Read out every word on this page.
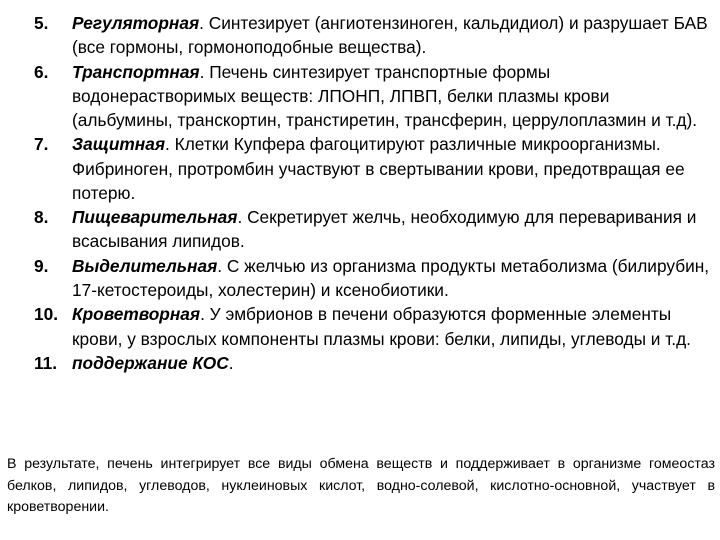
5. Регуляторная. Синтезирует (ангиотензиноген, кальдидиол) и разрушает БАВ (все гормоны, гормоноподобные вещества).
6. Транспортная. Печень синтезирует транспортные формы водонерастворимых веществ: ЛПОНП, ЛПВП, белки плазмы крови (альбумины, транскортин, транстиретин, трансферин, церрулоплазмин и т.д).
7. Защитная. Клетки Купфера фагоцитируют различные микроорганизмы. Фибриноген, протромбин участвуют в свертывании крови, предотвращая ее потерю.
8. Пищеварительная. Секретирует желчь, необходимую для переваривания и всасывания липидов.
9. Выделительная. С желчью из организма продукты метаболизма (билирубин, 17-кетостероиды, холестерин) и ксенобиотики.
10. Кроветворная. У эмбрионов в печени образуются форменные элементы крови, у взрослых компоненты плазмы крови: белки, липиды, углеводы и т.д.
11. поддержание КОС.

В результате, печень интегрирует все виды обмена веществ и поддерживает в организме гомеостаз белков, липидов, углеводов, нуклеиновых кислот, водно-солевой, кислотно-основной, участвует в кроветворении.
